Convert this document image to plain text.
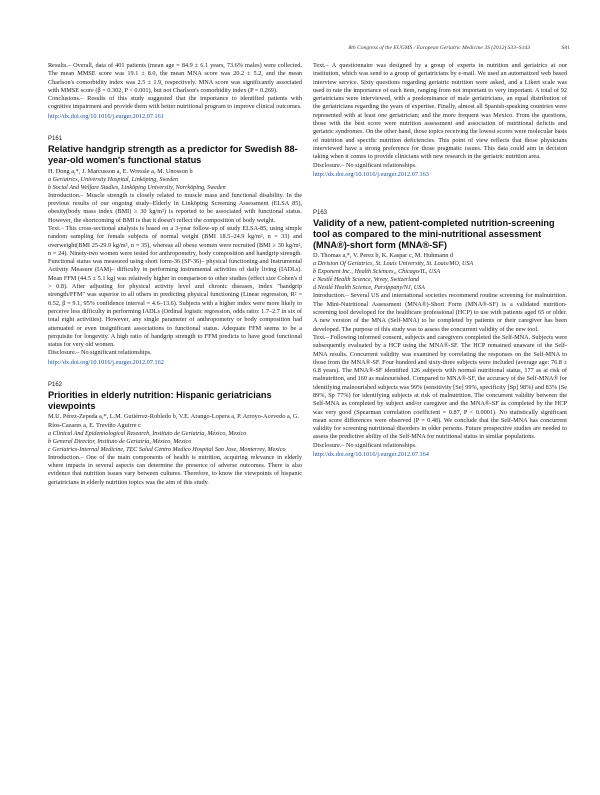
8th Congress of the EUGMS / European Geriatric Medicine 3S (2012) S33–S143	S81

Results.– Overall, data of 401 patients (mean age = 84.9 ± 6.1 years, 73.6% males) were collected. The mean MMSE score was 19.1 ± 8.0, the mean MNA score was 20.2 ± 5.2, and the mean Charlson's comorbidity index was 2.5 ± 1.9, respectively. MNA score was significantly associated with MMSE score (β = 0.302, P < 0.001), but not Charlson's comorbidity index (P = 0.269).

Conclusions.– Results of this study suggested that the importance to identified patients with cognitive impairment and provide them with better nutritional program to improve clinical outcomes.

http://dx.doi.org/10.1016/j.eurger.2012.07.161
P161
Relative handgrip strength as a predictor for Swedish 88-year-old women's functional status
H. Dong a,*, J. Marcusson a, E. Wressle a, M. Unosson b
a Geriatrics, University Hospital, Linköping, Sweden
b Social And Welfare Studies, Linköping University, Norrköping, Sweden

Introduction.– Muscle strength is closely related to muscle mass and functional disability. In the previous results of our ongoing study–Elderly in Linköping Screening Assessment (ELSA 85), obesity(body mass index (BMI) ≥ 30 kg/m²) is reported to be associated with functional status. However, the shortcoming of BMI is that it doesn't reflect the composition of body weight.

Text.– This cross-sectional analysis is based on a 3-year follow-up of study ELSA-85, using simple random sampling for female subjects of normal weight (BMI 18.5–24.9 kg/m², n = 33) and overweight(BMI 25-29.9 kg/m², n = 35), whereas all obese women were recruited (BMI ≥ 30 kg/m², n = 24). Ninety-two women were tested for anthropometry, body composition and handgrip strength. Functional status was measured using short form-36 (SF-36)– physical functioning and Instrumental Activity Measure (IAM)– difficulty in performing instrumental activities of daily living (IADLs). Mean FFM (44.5 ± 5.1 kg) was relatively higher in comparison to other studies (effect size Cohen's d > 0.8). After adjusting for physical activity level and chronic diseases, index "handgrip strength/FFM" was superior to all others in predicting physical functioning (Linear regression, R² = 0.52, β = 9.1, 95% confidence interval = 4.6–13.6). Subjects with a higher index were more likely to perceive less difficulty in performing IADLs (Ordinal logistic regression, odds ratio: 1.7–2.7 in six of total eight activities). However, any single parameter of anthropometry or body composition had attenuated or even insignificant associations to functional status. Adequate FFM seems to be a perquisite for longevity. A high ratio of handgrip strength to FFM predicts to have good functional status for very old women.

Disclosure.– No significant relationships.

http://dx.doi.org/10.1016/j.eurger.2012.07.162
P162
Priorities in elderly nutrition: Hispanic geriatricians viewpoints
M.U. Pérez-Zepeda a,*, L.M. Gutiérrez-Robledo b, V.E. Arango-Lopera a, P. Arroyo-Acevedo a, G. Ríos-Cazares a, E. Treviño Aguirre c
a Clinical And Epidemiological Research, Instituto de Geriatría, México, Mexico
b General Director, Instituto de Geriatría, México, Mexico
c Geriatrics-Internal Medicine, TEC Salud Centro Medico Hospital San Jose, Monterrey, Mexico

Introduction.– One of the main components of health is nutrition, acquiring relevance in elderly where impacts in several aspects can determine the presence of adverse outcomes. There is also evidence that nutrition issues vary between cultures. Therefore, to know the viewpoints of hispanic geriatricians in elderly nutrition topics was the aim of this study.

Text.– A questionnaire was designed by a group of experts in nutrition and geriatrics at our institution, which was send to a group of geriatricians by e-mail. We used an automatized web based interview service. Sixty questions regarding geriatric nutrition were asked, and a Likert scale was used to rate the importance of each item, ranging from not important to very important. A total of 92 geriatricians were interviewed, with a predominance of male geriatricians, an equal distribution of the geriatricians regarding the years of expertise. Finally, almost all Spanish-speaking countries were represented with at least one geriatrician; and the more frequent was Mexico. From the questions, those with the best score were nutrition assessment and association of nutritional deficits and geriatric syndromes. On the other hand, those topics receiving the lowest scores were molecular basis of nutrition and specific nutrition deficiencies. This point of view reflects that those physicians interviewed have a strong preference for those pragmatic issues. This data could aim in decision taking when it comes to provide clinicians with new research in the geriatric nutrition area.

Disclosure.– No significant relationships.

http://dx.doi.org/10.1016/j.eurger.2012.07.163
P163
Validity of a new, patient-completed nutrition-screening tool as compared to the mini-nutritional assessment (MNA®)-short form (MNA®-SF)
D. Thomas a,*, V. Perez b, K. Kaspar c, M. Huhmann d
a Division Of Geriatrics, St. Louis University, St. Louis/MO, USA
b Exponent Inc., Health Sciences,, Chicago/IL, USA
c Nestlé Health Science, Vevey, Switzerland
d Nestlé Health Science, Parsippany/NJ, USA

Introduction.– Several US and international societies recommend routine screening for malnutrition. The Mini-Nutritional Assessment (MNA®)-Short Form (MNA®-SF) is a validated nutrition-screening tool developed for the healthcare professional (HCP) to use with patients aged 65 or older. A new version of the MNA (Self-MNA) to be completed by patients or their caregiver has been developed. The purpose of this study was to assess the concurrent validity of the new tool.

Text.– Following informed consent, subjects and caregivers completed the Self-MNA. Subjects were subsequently evaluated by a HCP using the MNA®-SF. The HCP remained unaware of the Self-MNA results. Concurrent validity was examined by correlating the responses on the Self-MNA to those from the MNA®-SF. Four hundred and sixty-three subjects were included (average age: 76.8 ± 6.8 years). The MNA®-SF identified 126 subjects with normal nutritional status, 177 as at risk of malnutrition, and 160 as malnourished. Compared to MNA®-SF, the accuracy of the Self-MNA® for identifying malnourished subjects was 99% (sensitivity [Se] 99%, specificity [Sp] 98%) and 83% (Se 89%, Sp 77%) for identifying subjects at risk of malnutrition. The concurrent validity between the Self-MNA as completed by subject and/or caregiver and the MNA®-SF as completed by the HCP was very good (Spearman correlation coefficient = 0.87, P < 0.0001). No statistically significant mean score differences were observed (P = 0.48). We conclude that the Self-MNA has concurrent validity for screening nutritional disorders in older persons. Future prospective studies are needed to assess the predictive ability of the Self-MNA for nutritional status in similar populations.

Disclosure.– No significant relationships.

http://dx.doi.org/10.1016/j.eurger.2012.07.164
